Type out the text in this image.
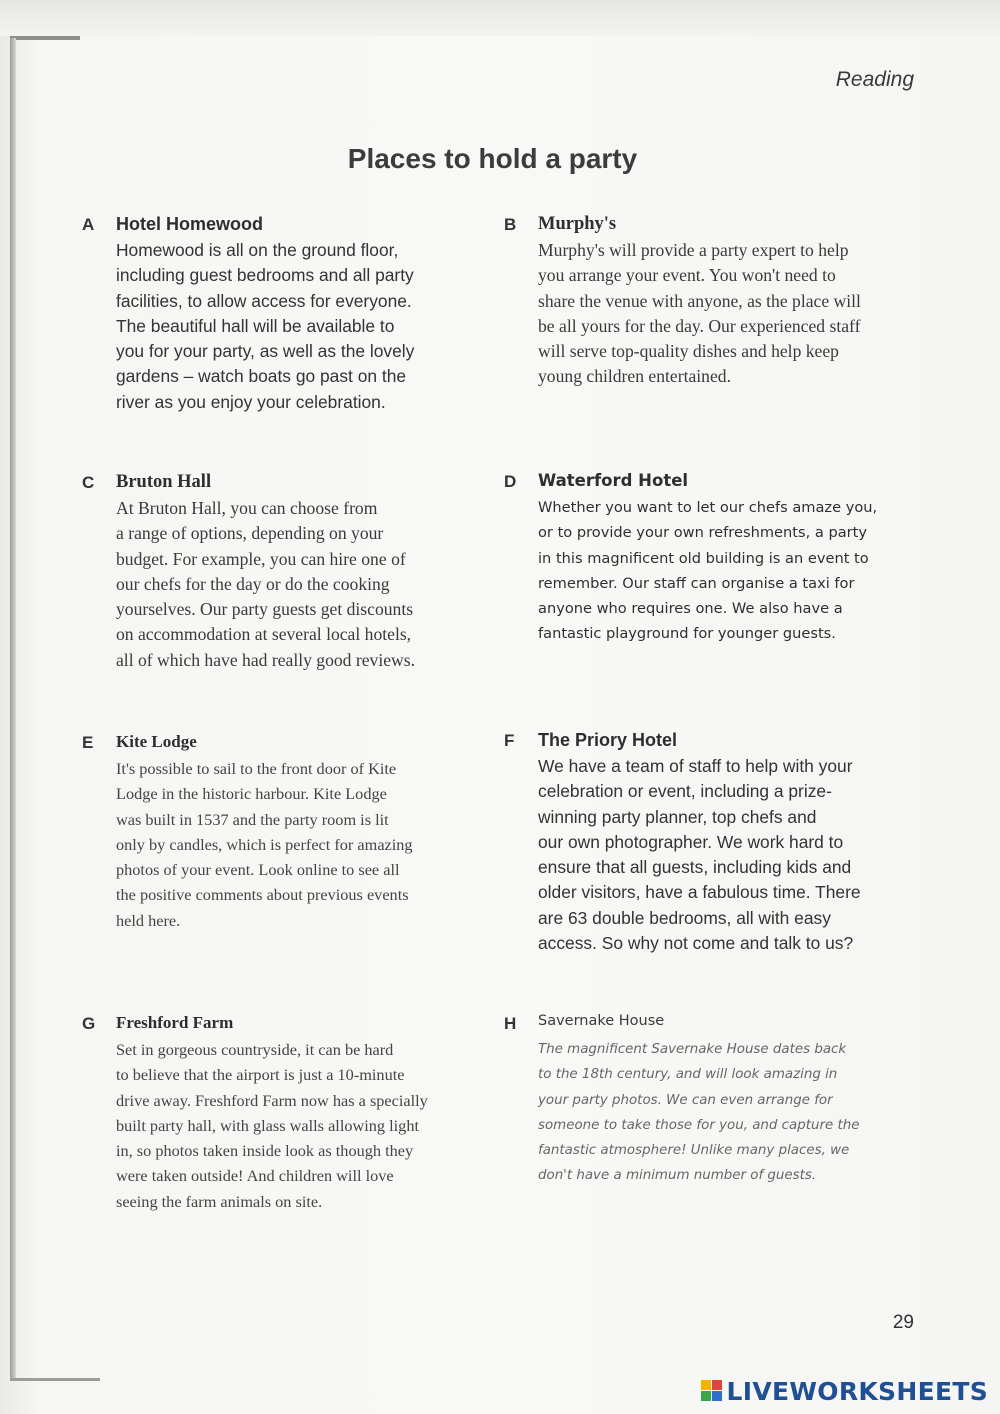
Reading
Places to hold a party
A Hotel Homewood
Homewood is all on the ground floor,
including guest bedrooms and all party
facilities, to allow access for everyone.
The beautiful hall will be available to
you for your party, as well as the lovely
gardens – watch boats go past on the
river as you enjoy your celebration.
B Murphy's
Murphy's will provide a party expert to help
you arrange your event. You won't need to
share the venue with anyone, as the place will
be all yours for the day. Our experienced staff
will serve top-quality dishes and help keep
young children entertained.
C Bruton Hall
At Bruton Hall, you can choose from
a range of options, depending on your
budget. For example, you can hire one of
our chefs for the day or do the cooking
yourselves. Our party guests get discounts
on accommodation at several local hotels,
all of which have had really good reviews.
D Waterford Hotel
Whether you want to let our chefs amaze you,
or to provide your own refreshments, a party
in this magnificent old building is an event to
remember. Our staff can organise a taxi for
anyone who requires one. We also have a
fantastic playground for younger guests.
E Kite Lodge
It's possible to sail to the front door of Kite
Lodge in the historic harbour. Kite Lodge
was built in 1537 and the party room is lit
only by candles, which is perfect for amazing
photos of your event. Look online to see all
the positive comments about previous events
held here.
F The Priory Hotel
We have a team of staff to help with your
celebration or event, including a prize-
winning party planner, top chefs and
our own photographer. We work hard to
ensure that all guests, including kids and
older visitors, have a fabulous time. There
are 63 double bedrooms, all with easy
access. So why not come and talk to us?
G Freshford Farm
Set in gorgeous countryside, it can be hard
to believe that the airport is just a 10-minute
drive away. Freshford Farm now has a specially
built party hall, with glass walls allowing light
in, so photos taken inside look as though they
were taken outside! And children will love
seeing the farm animals on site.
H Savernake House
The magnificent Savernake House dates back
to the 18th century, and will look amazing in
your party photos. We can even arrange for
someone to take those for you, and capture the
fantastic atmosphere! Unlike many places, we
don't have a minimum number of guests.
29
LIVEWORKSHEETS
